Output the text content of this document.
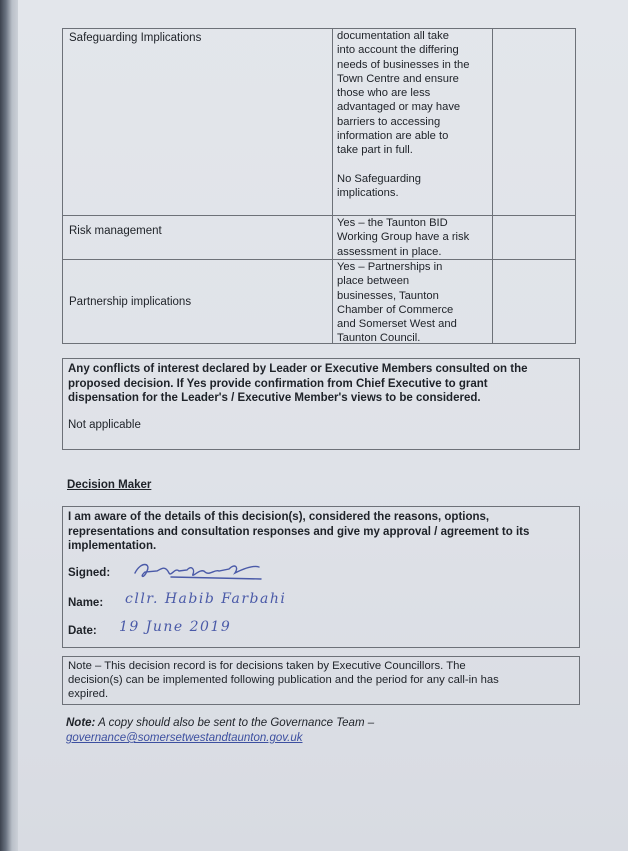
Safeguarding Implications	documentation all take
into account the differing
needs of businesses in the
Town Centre and ensure
those who are less
advantaged or may have
barriers to accessing
information are able to
take part in full.
No Safeguarding
implications.
Risk management
Yes – the Taunton BID
Working Group have a risk
assessment in place.
Partnership implications
Yes – Partnerships in
place between
businesses, Taunton
Chamber of Commerce
and Somerset West and
Taunton Council.
Any conflicts of interest declared by Leader or Executive Members consulted on the
proposed decision. If Yes provide confirmation from Chief Executive to grant
dispensation for the Leader's / Executive Member's views to be considered.
Not applicable
Decision Maker
I am aware of the details of this decision(s), considered the reasons, options,
representations and consultation responses and give my approval / agreement to its
implementation.
Signed:
Name: cllr. Habib Farbahi
Date: 19 June 2019
Note – This decision record is for decisions taken by Executive Councillors. The
decision(s) can be implemented following publication and the period for any call-in has
expired.
Note: A copy should also be sent to the Governance Team –
governance@somersetwestandtaunton.gov.uk
